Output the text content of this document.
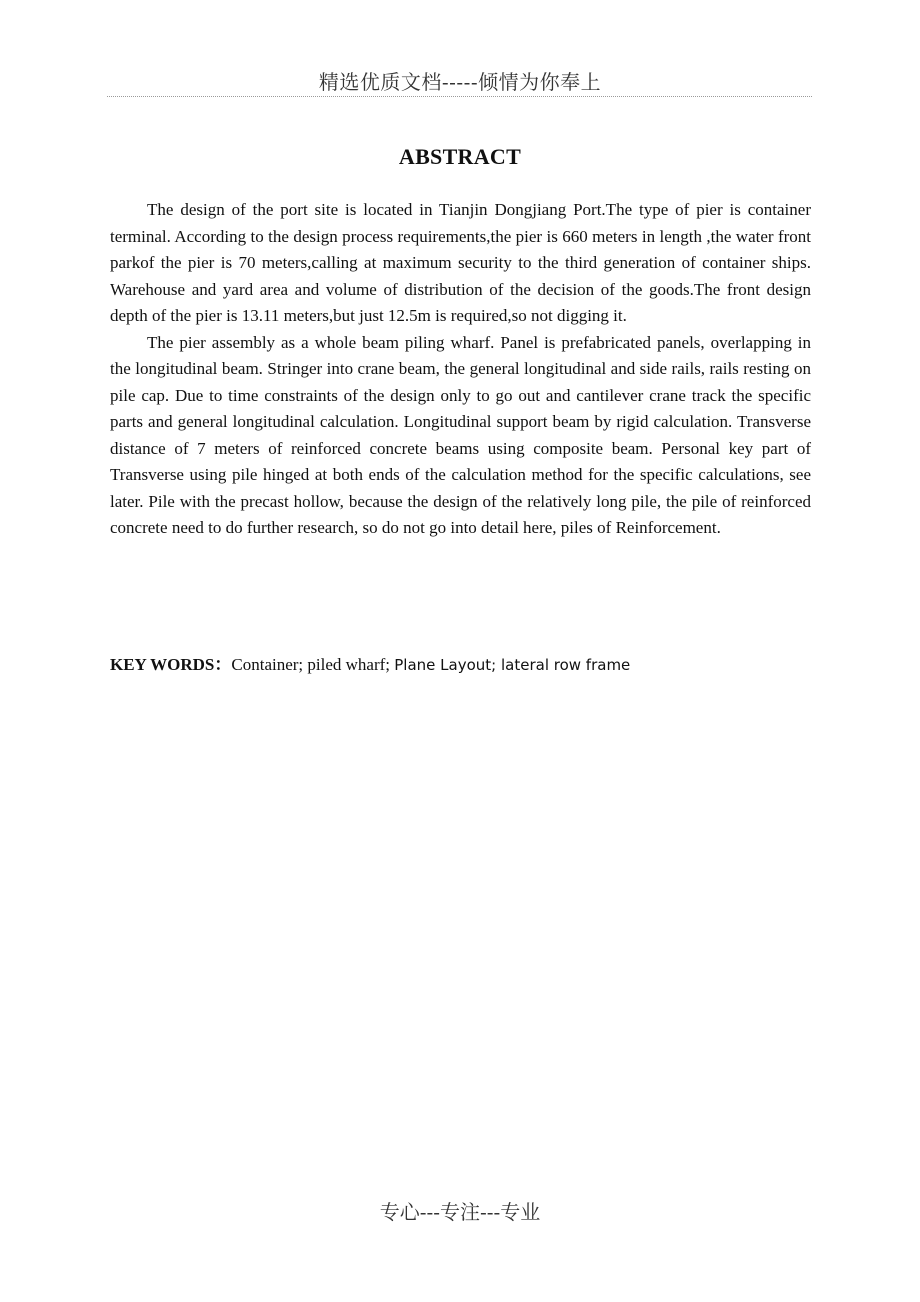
精选优质文档-----倾情为你奉上
ABSTRACT

The design of the port site is located in Tianjin Dongjiang Port.The type of pier is container terminal. According to the design process requirements,the pier is 660 meters in length ,the water front parkof the pier is 70 meters,calling at maximum security to the third generation of container ships. Warehouse and yard area and volume of distribution of the decision of the goods.The front design depth of the pier is 13.11 meters,but just 12.5m is required,so not digging it.

The pier assembly as a whole beam piling wharf. Panel is prefabricated panels, overlapping in the longitudinal beam. Stringer into crane beam, the general longitudinal and side rails, rails resting on pile cap. Due to time constraints of the design only to go out and cantilever crane track the specific parts and general longitudinal calculation. Longitudinal support beam by rigid calculation. Transverse distance of 7 meters of reinforced concrete beams using composite beam. Personal key part of Transverse using pile hinged at both ends of the calculation method for the specific calculations, see later. Pile with the precast hollow, because the design of the relatively long pile, the pile of reinforced concrete need to do further research, so do not go into detail here, piles of Reinforcement.

KEY WORDS：Container; piled wharf; Plane Layout; lateral row frame
专心---专注---专业
